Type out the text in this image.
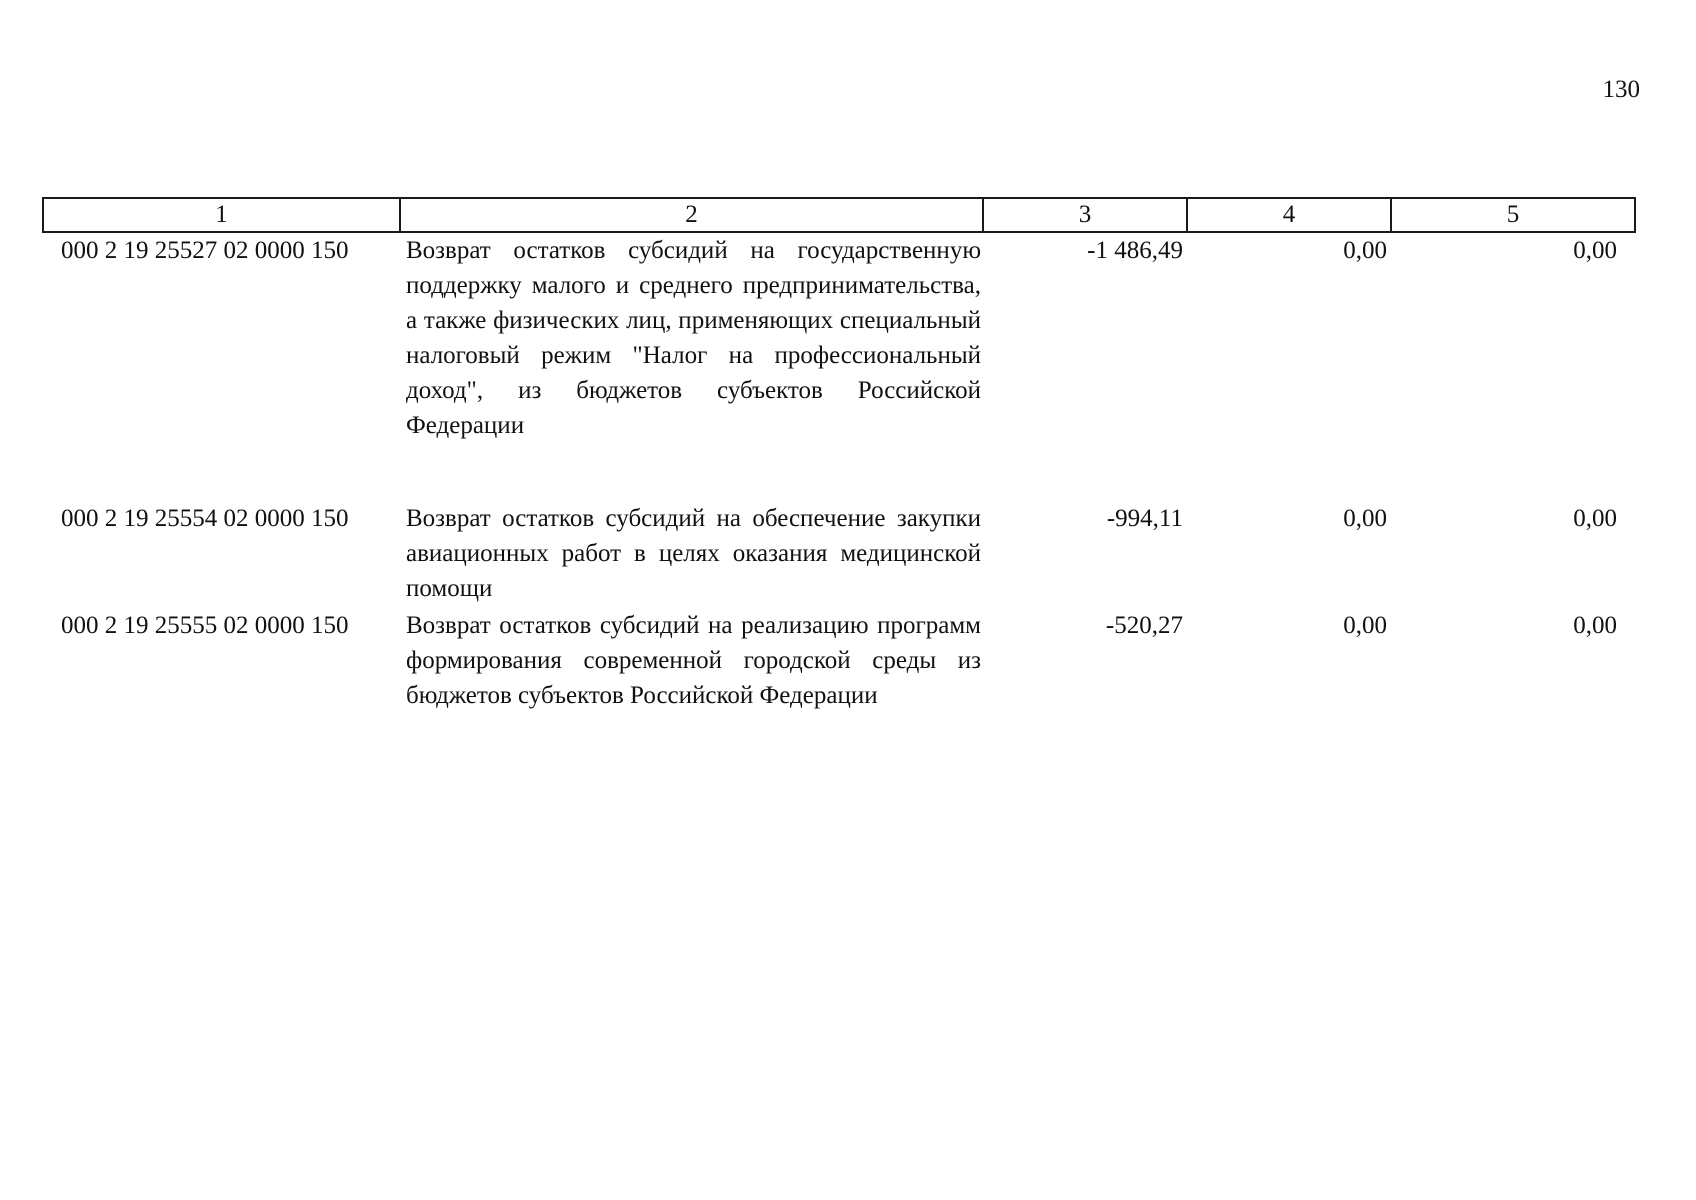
130
1	2	3	4	5
000 2 19 25527 02 0000 150	Возврат остатков субсидий на государственную поддержку малого и среднего предпринимательства, а также физических лиц, применяющих специальный налоговый режим "Налог на профессиональный доход", из бюджетов субъектов Российской Федерации	-1 486,49	0,00	0,00
000 2 19 25554 02 0000 150	Возврат остатков субсидий на обеспечение закупки авиационных работ в целях оказания медицинской помощи	-994,11	0,00	0,00
000 2 19 25555 02 0000 150	Возврат остатков субсидий на реализацию программ формирования современной городской среды из бюджетов субъектов Российской Федерации	-520,27	0,00	0,00
